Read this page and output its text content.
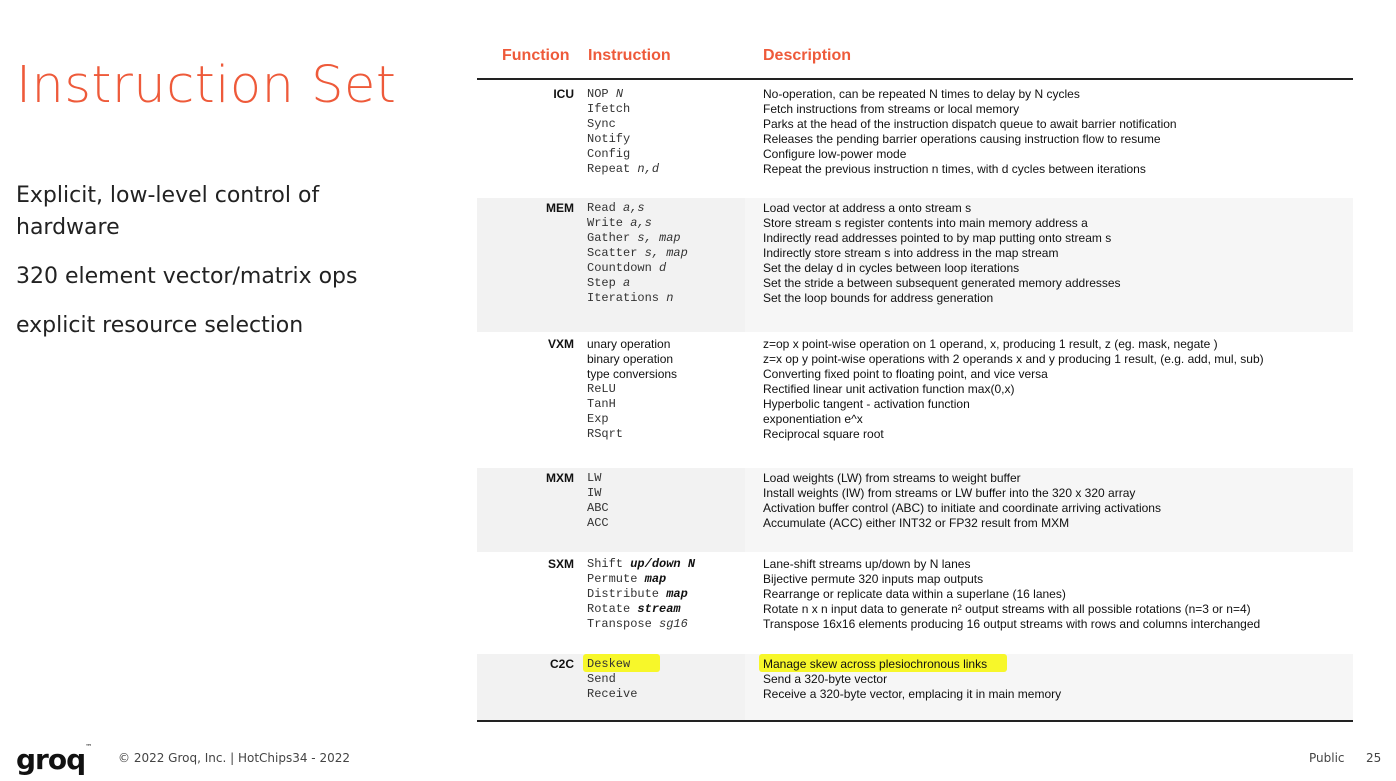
Instruction Set
Explicit, low-level control of hardware
320 element vector/matrix ops
explicit resource selection
Function Instruction	Description
ICU NOP N	No-operation, can be repeated N times to delay by N cycles
Ifetch	Fetch instructions from streams or local memory
Sync	Parks at the head of the instruction dispatch queue to await barrier notification
Notify	Releases the pending barrier operations causing instruction flow to resume
Config	Configure low-power mode
Repeat n,d	Repeat the previous instruction n times, with d cycles between iterations
MEM Read a,s	Load vector at address a onto stream s
Write a,s	Store stream s register contents into main memory address a
Gather s, map	Indirectly read addresses pointed to by map putting onto stream s
Scatter s, map	Indirectly store stream s into address in the map stream
Countdown d	Set the delay d in cycles between loop iterations
Step a	Set the stride a between subsequent generated memory addresses
Iterations n	Set the loop bounds for address generation
VXM unary operation	z=op x point-wise operation on 1 operand, x, producing 1 result, z (eg. mask, negate )
binary operation	z=x op y point-wise operations with 2 operands x and y producing 1 result, (e.g. add, mul, sub)
type conversions	Converting fixed point to floating point, and vice versa
ReLU	Rectified linear unit activation function max(0,x)
TanH	Hyperbolic tangent - activation function
Exp	exponentiation e^x
RSqrt	Reciprocal square root
MXM LW	Load weights (LW) from streams to weight buffer
IW	Install weights (IW) from streams or LW buffer into the 320 x 320 array
ABC	Activation buffer control (ABC) to initiate and coordinate arriving activations
ACC	Accumulate (ACC) either INT32 or FP32 result from MXM
SXM Shift up/down N	Lane-shift streams up/down by N lanes
Permute map	Bijective permute 320 inputs map outputs
Distribute map	Rearrange or replicate data within a superlane (16 lanes)
Rotate stream	Rotate n x n input data to generate n² output streams with all possible rotations (n=3 or n=4)
Transpose sg16	Transpose 16x16 elements producing 16 output streams with rows and columns interchanged
C2C Deskew	Manage skew across plesiochronous links
Send	Send a 320-byte vector
Receive	Receive a 320-byte vector, emplacing it in main memory
groq™
© 2022 Groq, Inc. | HotChips34 - 2022	Public 25
